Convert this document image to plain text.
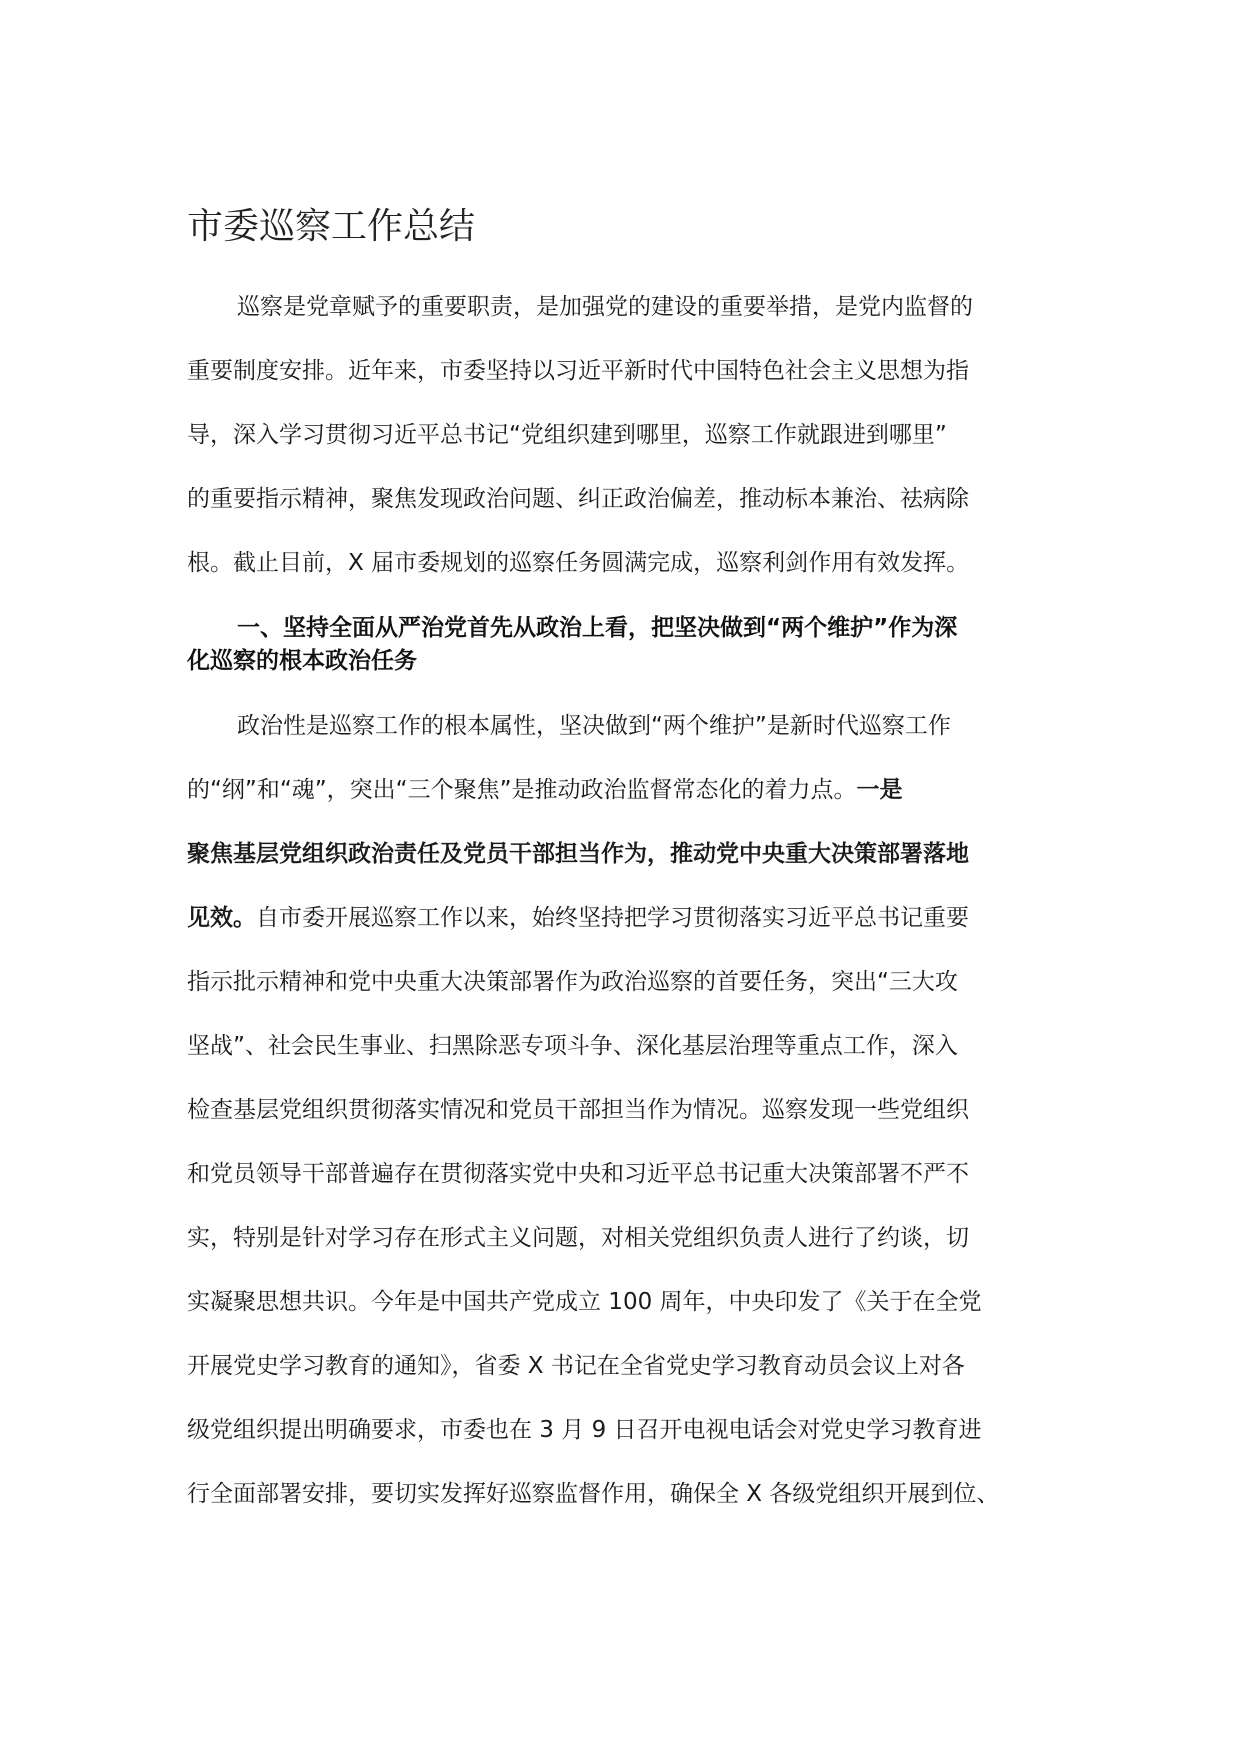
市委巡察工作总结
巡察是党章赋予的重要职责，是加强党的建设的重要举措，是党内监督的
重要制度安排。近年来，市委坚持以习近平新时代中国特色社会主义思想为指
导，深入学习贯彻习近平总书记“党组织建到哪里，巡察工作就跟进到哪里”
的重要指示精神，聚焦发现政治问题、纠正政治偏差，推动标本兼治、祛病除
根。截止目前，X 届市委规划的巡察任务圆满完成，巡察利剑作用有效发挥。
一、坚持全面从严治党首先从政治上看，把坚决做到“两个维护”作为深
化巡察的根本政治任务
政治性是巡察工作的根本属性，坚决做到“两个维护”是新时代巡察工作
的“纲”和“魂”，突出“三个聚焦”是推动政治监督常态化的着力点。一是
聚焦基层党组织政治责任及党员干部担当作为，推动党中央重大决策部署落地
见效。自市委开展巡察工作以来，始终坚持把学习贯彻落实习近平总书记重要
指示批示精神和党中央重大决策部署作为政治巡察的首要任务，突出“三大攻
坚战”、社会民生事业、扫黑除恶专项斗争、深化基层治理等重点工作，深入
检查基层党组织贯彻落实情况和党员干部担当作为情况。巡察发现一些党组织
和党员领导干部普遍存在贯彻落实党中央和习近平总书记重大决策部署不严不
实，特别是针对学习存在形式主义问题，对相关党组织负责人进行了约谈，切
实凝聚思想共识。今年是中国共产党成立 100 周年，中央印发了《关于在全党
开展党史学习教育的通知》，省委 X 书记在全省党史学习教育动员会议上对各
级党组织提出明确要求，市委也在 3 月 9 日召开电视电话会对党史学习教育进
行全面部署安排，要切实发挥好巡察监督作用，确保全 X 各级党组织开展到位、
